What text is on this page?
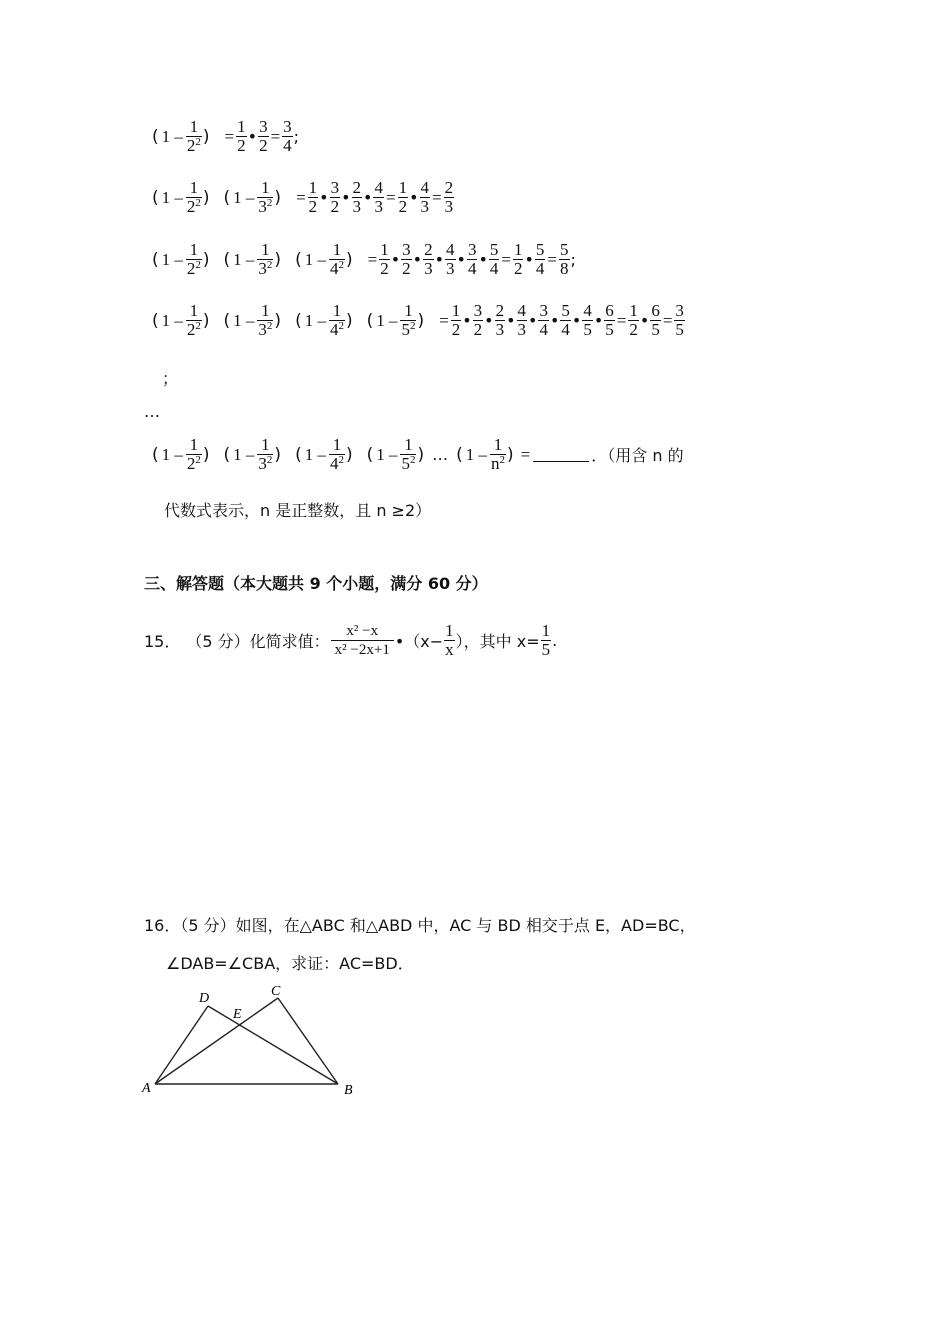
( $1 - \frac{1}{2^2}$ ) = $\frac{1}{2}$ • $\frac{3}{2} = \frac{3}{4}$ ;
( $1 - \frac{1}{2^2}$ ) ( $1 - \frac{1}{3^2}$ ) = $\frac{1}{2}$ • $\frac{3}{2}$ • $\frac{2}{3}$ • $\frac{4}{3} = \frac{1}{2}$ • $\frac{4}{3} = \frac{2}{3}$
( $1 - \frac{1}{2^2}$ ) ( $1 - \frac{1}{3^2}$ ) ( $1 - \frac{1}{4^2}$ ) = $\frac{1}{2}$ • $\frac{3}{2}$ • $\frac{2}{3}$ • $\frac{4}{3}$ • $\frac{3}{4}$ • $\frac{5}{4} = \frac{1}{2}$ • $\frac{5}{4} = \frac{5}{8}$ ;
( $1 - \frac{1}{2^2}$ ) ( $1 - \frac{1}{3^2}$ ) ( $1 - \frac{1}{4^2}$ ) ( $1 - \frac{1}{5^2}$ ) = $\frac{1}{2}$ • $\frac{3}{2}$ • $\frac{2}{3}$ • $\frac{4}{3}$ • $\frac{3}{4}$ • $\frac{5}{4}$ • $\frac{4}{5}$ • $\frac{6}{5} = \frac{1}{2}$ • $\frac{6}{5} = \frac{3}{5}$
；
…
( $1 - \frac{1}{2^2}$ ) ( $1 - \frac{1}{3^2}$ ) ( $1 - \frac{1}{4^2}$ ) ( $1 - \frac{1}{5^2}$ ) … ( $1 - \frac{1}{n^2}$ ) =	．（用含 n 的
代数式表示，n 是正整数，且 n ≥2）
三、解答题（本大题共 9 个小题，满分 60 分）
15． （5 分）化简求值： $\frac{\text{x² −x}}{\text{x² −2x+1}}$ •（x− $\frac{1}{x}$ ），其中 $x= \frac{1}{5}$ .
16．（5 分）如图，在△ABC 和△ABD 中，AC 与 BD 相交于点 E，AD=BC，
∠DAB=∠CBA，求证：AC=BD．
A	B
C
D
E
